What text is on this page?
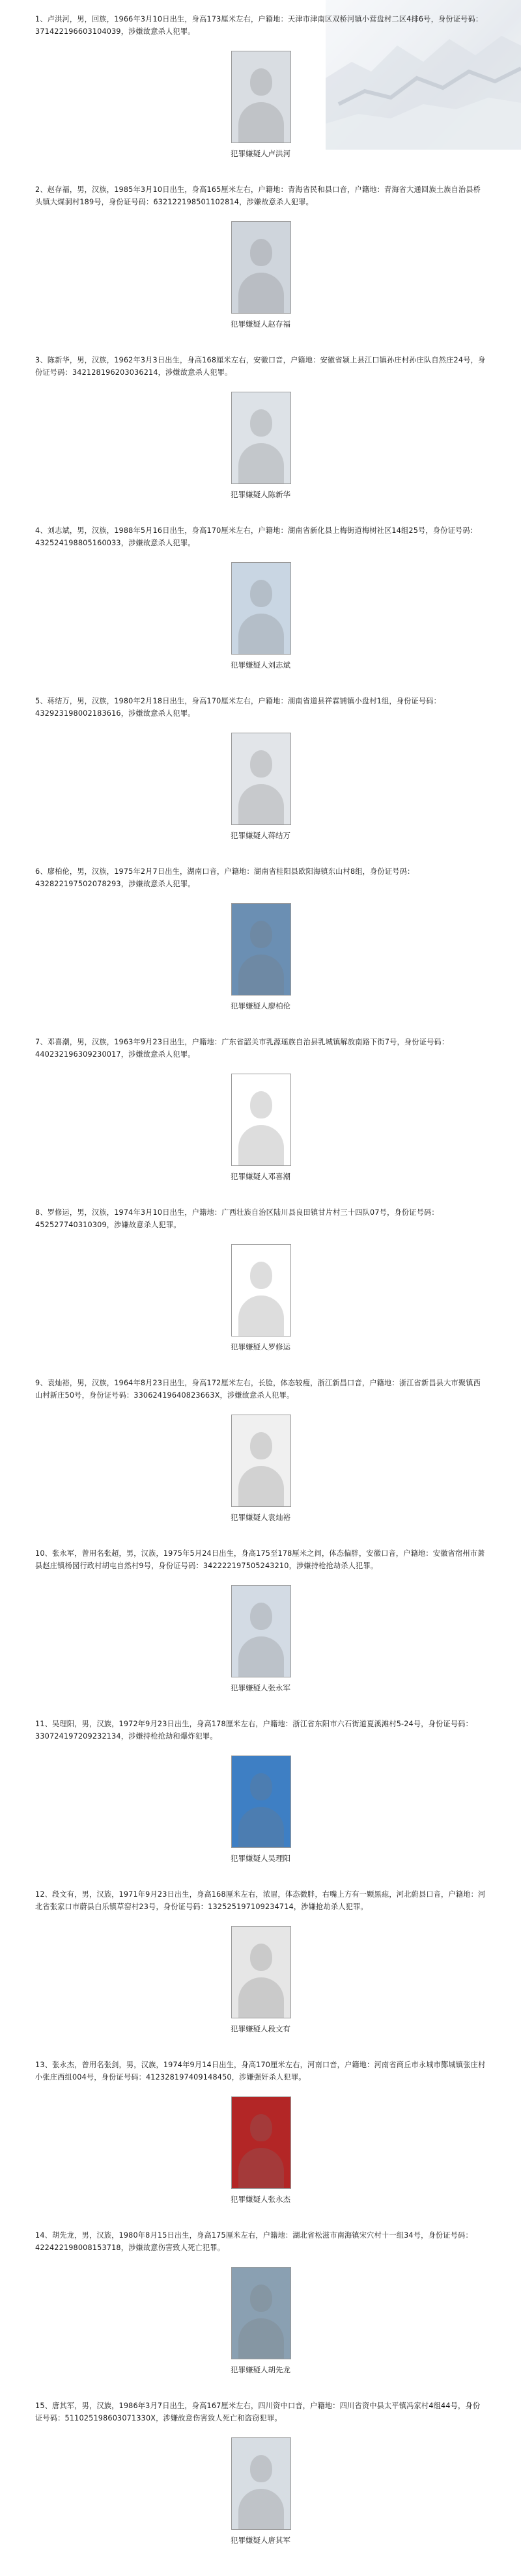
1、卢洪河，男，回族，1966年3月10日出生，身高173厘米左右，户籍地：天津市津南区双桥河镇小营盘村二区4排6号，身份证号码：371422196603104039，涉嫌故意杀人犯罪。
犯罪嫌疑人卢洪河
2、赵存福，男，汉族，1985年3月10日出生，身高165厘米左右，户籍地：青海省民和县口音，户籍地：青海省大通回族土族自治县桥头镇大煤洞村189号，身份证号码：632122198501102814，涉嫌故意杀人犯罪。
犯罪嫌疑人赵存福
3、陈新华，男，汉族，1962年3月3日出生，身高168厘米左右，安徽口音，户籍地：安徽省颍上县江口镇孙庄村孙庄队自然庄24号，身份证号码：342128196203036214，涉嫌故意杀人犯罪。
犯罪嫌疑人陈新华
4、刘志斌，男，汉族，1988年5月16日出生，身高170厘米左右，户籍地：湖南省新化县上梅街道梅树社区14组25号，身份证号码：432524198805160033，涉嫌故意杀人犯罪。
犯罪嫌疑人刘志斌
5、蒋结万，男，汉族，1980年2月18日出生，身高170厘米左右，户籍地：湖南省道县祥霖铺镇小盘村1组，身份证号码：432923198002183616，涉嫌故意杀人犯罪。
犯罪嫌疑人蒋结万
6、廖柏伦，男，汉族，1975年2月7日出生，湖南口音，户籍地：湖南省桂阳县欧阳海镇东山村8组，身份证号码：432822197502078293，涉嫌故意杀人犯罪。
犯罪嫌疑人廖柏伦
7、邓喜潮，男，汉族，1963年9月23日出生，户籍地：广东省韶关市乳源瑶族自治县乳城镇解放南路下街7号，身份证号码：440232196309230017，涉嫌故意杀人犯罪。
犯罪嫌疑人邓喜潮
8、罗修运，男，汉族，1974年3月10日出生，户籍地：广西壮族自治区陆川县良田镇甘片村三十四队07号，身份证号码：452527740310309，涉嫌故意杀人犯罪。
犯罪嫌疑人罗修运
9、袁灿裕，男，汉族，1964年8月23日出生，身高172厘米左右，长脸，体态较瘦，浙江新昌口音，户籍地：浙江省新昌县大市聚镇西山村新庄50号，身份证号码：33062419640823663X，涉嫌故意杀人犯罪。
犯罪嫌疑人袁灿裕
10、张永军，曾用名张超，男，汉族，1975年5月24日出生，身高175至178厘米之间，体态偏胖，安徽口音，户籍地：安徽省宿州市萧县赵庄镇杨园行政村胡屯自然村9号，身份证号码：342222197505243210，涉嫌持枪抢劫杀人犯罪。
犯罪嫌疑人张永军
11、吴理阳，男，汉族，1972年9月23日出生，身高178厘米左右，户籍地：浙江省东阳市六石街道夏溪滩村5-24号，身份证号码：330724197209232134，涉嫌持枪抢劫和爆炸犯罪。
犯罪嫌疑人吴理阳
12、段文有，男，汉族，1971年9月23日出生，身高168厘米左右，浓眉，体态微胖，右嘴上方有一颗黑痣，河北蔚县口音，户籍地：河北省张家口市蔚县白乐镇草窑村23号，身份证号码：132525197109234714，涉嫌抢劫杀人犯罪。
犯罪嫌疑人段文有
13、张永杰，曾用名张剑，男，汉族，1974年9月14日出生，身高170厘米左右，河南口音，户籍地：河南省商丘市永城市酂城镇张庄村小张庄西组004号，身份证号码：412328197409148450，涉嫌强奸杀人犯罪。
犯罪嫌疑人张永杰
14、胡先龙，男，汉族，1980年8月15日出生，身高175厘米左右，户籍地：湖北省松滋市南海镇宋穴村十一组34号，身份证号码：422422198008153718，涉嫌故意伤害致人死亡犯罪。
犯罪嫌疑人胡先龙
15、唐其军，男，汉族，1986年3月7日出生，身高167厘米左右，四川资中口音，户籍地：四川省资中县太平镇冯家村4组44号，身份证号码：511025198603071330X，涉嫌故意伤害致人死亡和盗窃犯罪。
犯罪嫌疑人唐其军
